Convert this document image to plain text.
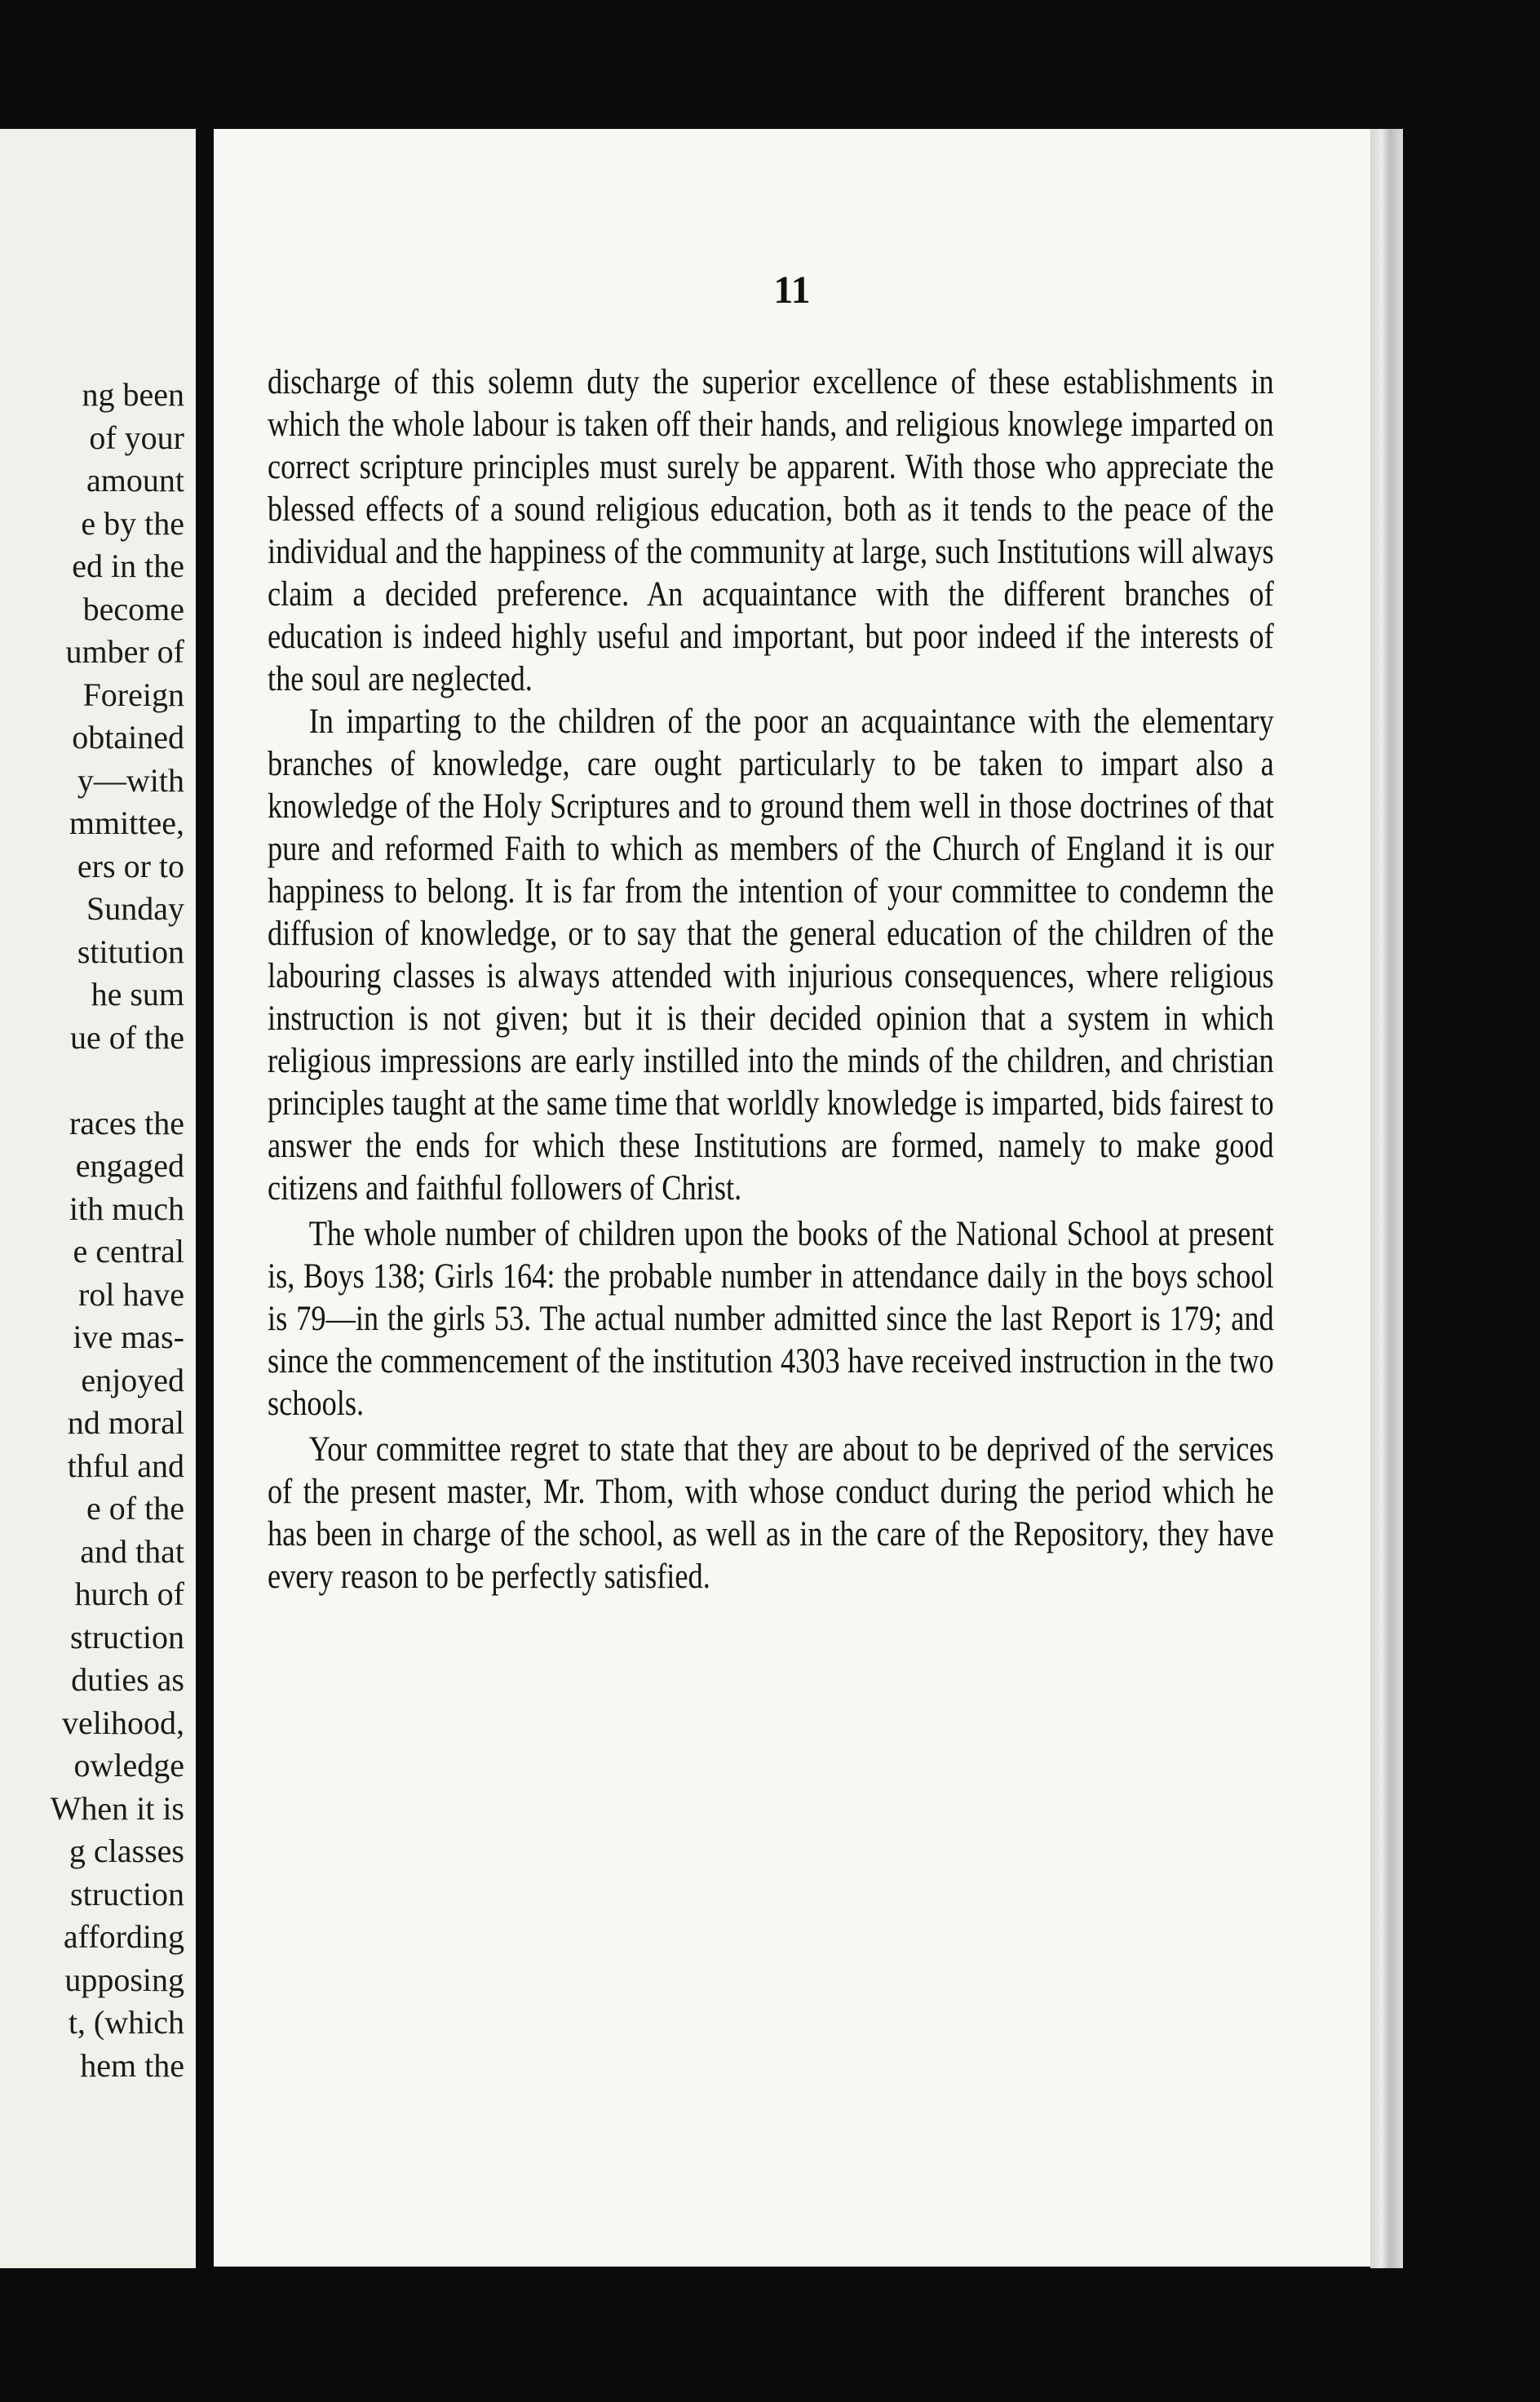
ng been
of your
amount
e by the
ed in the
become
umber of
Foreign
obtained
y—with
mmittee,
ers or to
Sunday
stitution
he sum
ue of the
races the
engaged
ith much
e central
rol have
ive mas-
enjoyed
nd moral
thful and
e of the
and that
hurch of
struction
duties as
velihood,
owledge
When it is
g classes
struction
affording
upposing
t, (which
hem the
11

discharge of this solemn duty the superior excellence of these establishments in which the whole labour is taken off their hands, and religious knowlege imparted on correct scripture principles must surely be apparent. With those who appreciate the blessed effects of a sound religious education, both as it tends to the peace of the individual and the happiness of the community at large, such Institutions will always claim a decided preference. An acquaintance with the different branches of education is indeed highly useful and important, but poor indeed if the interests of the soul are neglected.

In imparting to the children of the poor an acquaintance with the elementary branches of knowledge, care ought particularly to be taken to impart also a knowledge of the Holy Scriptures and to ground them well in those doctrines of that pure and reformed Faith to which as members of the Church of England it is our happiness to belong. It is far from the intention of your committee to condemn the diffusion of knowledge, or to say that the general education of the children of the labouring classes is always attended with injurious consequences, where religious instruction is not given; but it is their decided opinion that a system in which religious impressions are early instilled into the minds of the children, and christian principles taught at the same time that worldly knowledge is imparted, bids fairest to answer the ends for which these Institutions are formed, namely to make good citizens and faithful followers of Christ.

The whole number of children upon the books of the National School at present is, Boys 138; Girls 164: the probable number in attendance daily in the boys school is 79—in the girls 53. The actual number admitted since the last Report is 179; and since the commencement of the institution 4303 have received instruction in the two schools.

Your committee regret to state that they are about to be deprived of the services of the present master, Mr. Thom, with whose conduct during the period which he has been in charge of the school, as well as in the care of the Repository, they have every reason to be perfectly satisfied.
